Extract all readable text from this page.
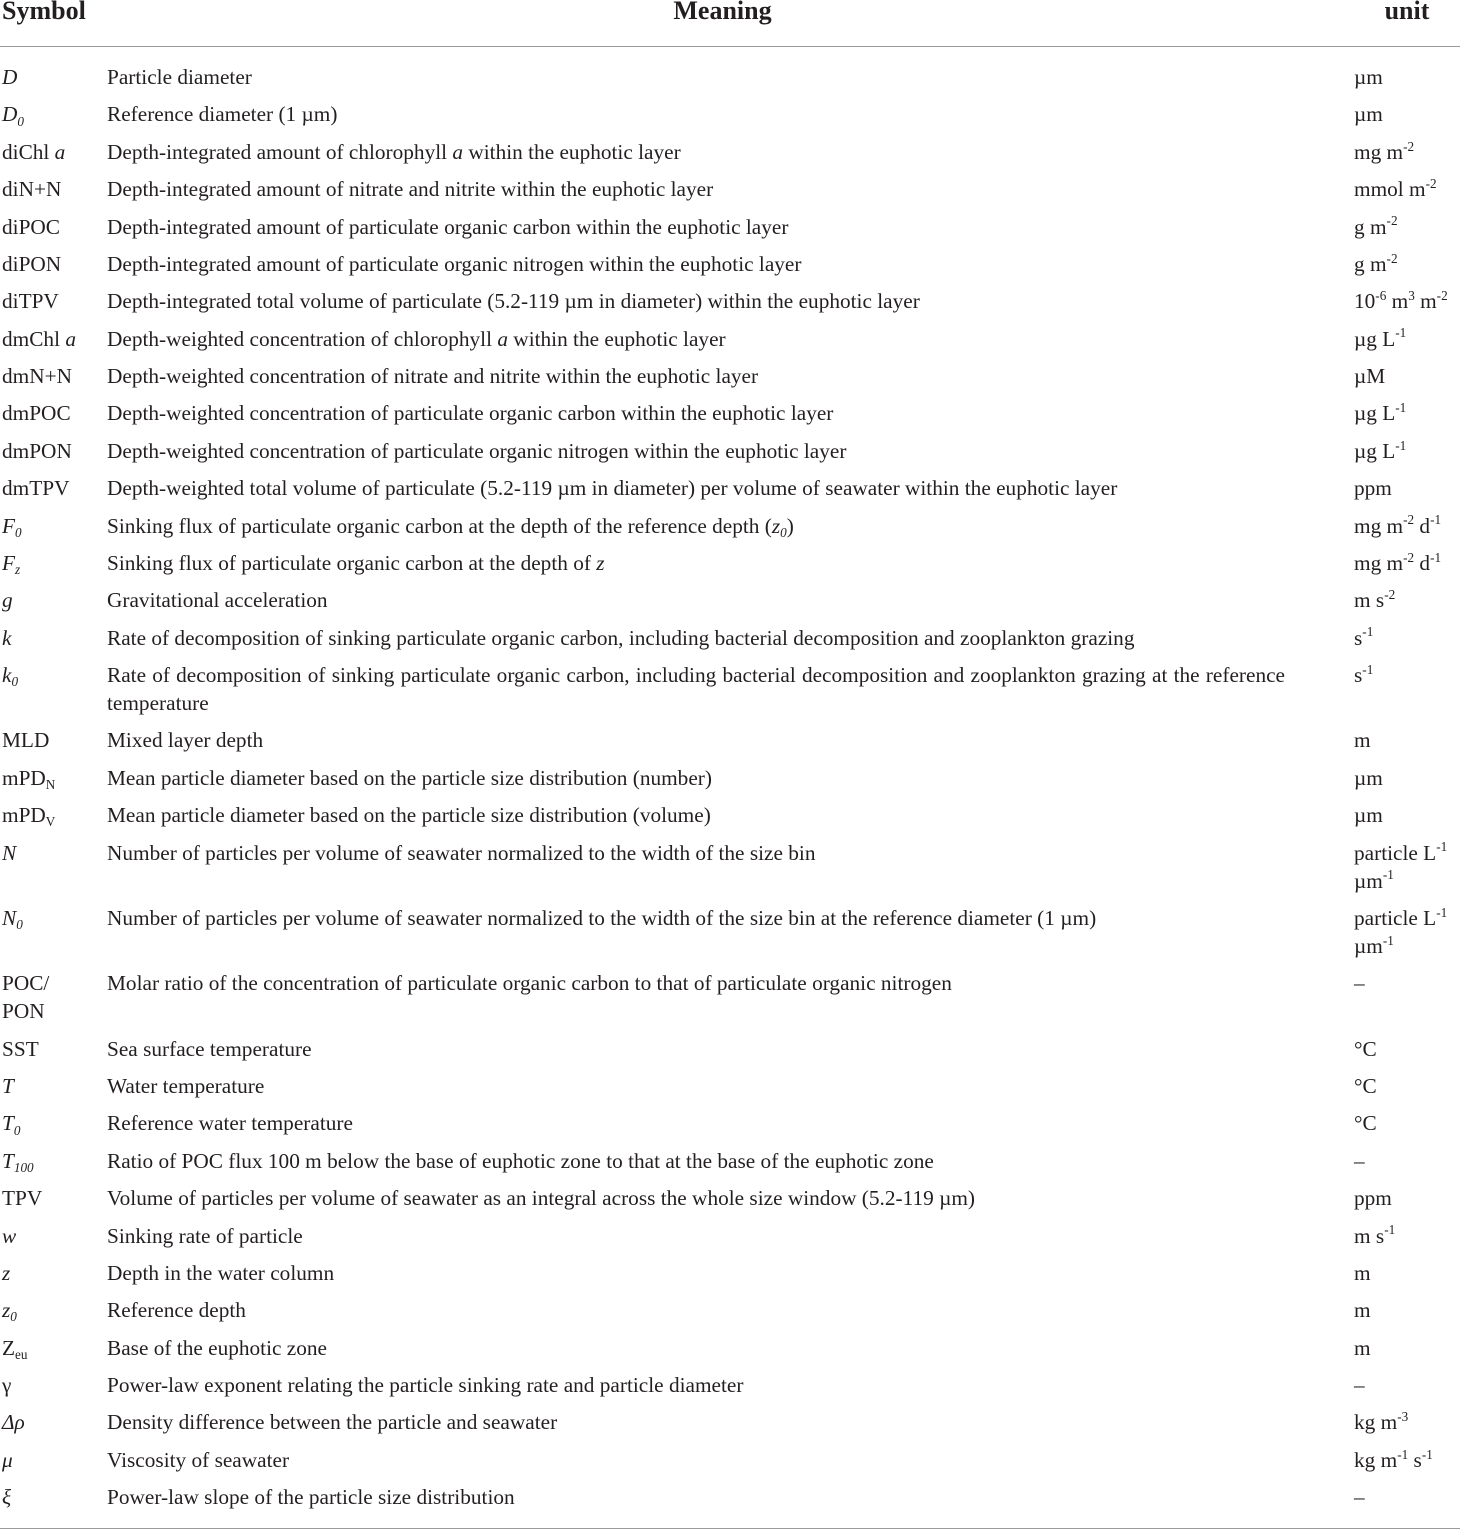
Symbol	Meaning	unit
D	Particle diameter	µm
D0	Reference diameter (1 µm)	µm
diChl a	Depth-integrated amount of chlorophyll a within the euphotic layer	mg $m^{-2}$
diN+N	Depth-integrated amount of nitrate and nitrite within the euphotic layer	mmol $m^{-2}$
diPOC	Depth-integrated amount of particulate organic carbon within the euphotic layer	g $m^{-2}$
diPON	Depth-integrated amount of particulate organic nitrogen within the euphotic layer	g $m^{-2}$
diTPV	Depth-integrated total volume of particulate (5.2-119 µm in diameter) within the euphotic layer	$10^{-6}$ $m^3$ $m^{-2}$
dmChl a	Depth-weighted concentration of chlorophyll a within the euphotic layer	µg $L^{-1}$
dmN+N	Depth-weighted concentration of nitrate and nitrite within the euphotic layer	µM
dmPOC	Depth-weighted concentration of particulate organic carbon within the euphotic layer	µg $L^{-1}$
dmPON	Depth-weighted concentration of particulate organic nitrogen within the euphotic layer	µg $L^{-1}$
dmTPV	Depth-weighted total volume of particulate (5.2-119 µm in diameter) per volume of seawater within the euphotic layer	ppm
F0	Sinking flux of particulate organic carbon at the depth of the reference depth (z0)	mg $m^{-2}$ $d^{-1}$
Fz	Sinking flux of particulate organic carbon at the depth of z	mg $m^{-2}$ $d^{-1}$
g	Gravitational acceleration	m $s^{-2}$
k	Rate of decomposition of sinking particulate organic carbon, including bacterial decomposition and zooplankton grazing	$s^{-1}$
k0	Rate of decomposition of sinking particulate organic carbon, including bacterial decomposition and zooplankton grazing at the reference temperature	$s^{-1}$
MLD	Mixed layer depth	m
mPDN	Mean particle diameter based on the particle size distribution (number)	µm
mPDV	Mean particle diameter based on the particle size distribution (volume)	µm
N	Number of particles per volume of seawater normalized to the width of the size bin	particle $L^{-1}$ µm$^{-1}$
N0	Number of particles per volume of seawater normalized to the width of the size bin at the reference diameter (1 µm)	particle $L^{-1}$ µm$^{-1}$
POC/PON	Molar ratio of the concentration of particulate organic carbon to that of particulate organic nitrogen	–
SST	Sea surface temperature	°C
T	Water temperature	°C
T0	Reference water temperature	°C
T100	Ratio of POC flux 100 m below the base of euphotic zone to that at the base of the euphotic zone	–
TPV	Volume of particles per volume of seawater as an integral across the whole size window (5.2-119 µm)	ppm
w	Sinking rate of particle	m $s^{-1}$
z	Depth in the water column	m
z0	Reference depth	m
Zeu	Base of the euphotic zone	m
γ	Power-law exponent relating the particle sinking rate and particle diameter	–
Δρ	Density difference between the particle and seawater	kg $m^{-3}$
μ	Viscosity of seawater	kg $m^{-1}$ $s^{-1}$
ξ	Power-law slope of the particle size distribution	–
